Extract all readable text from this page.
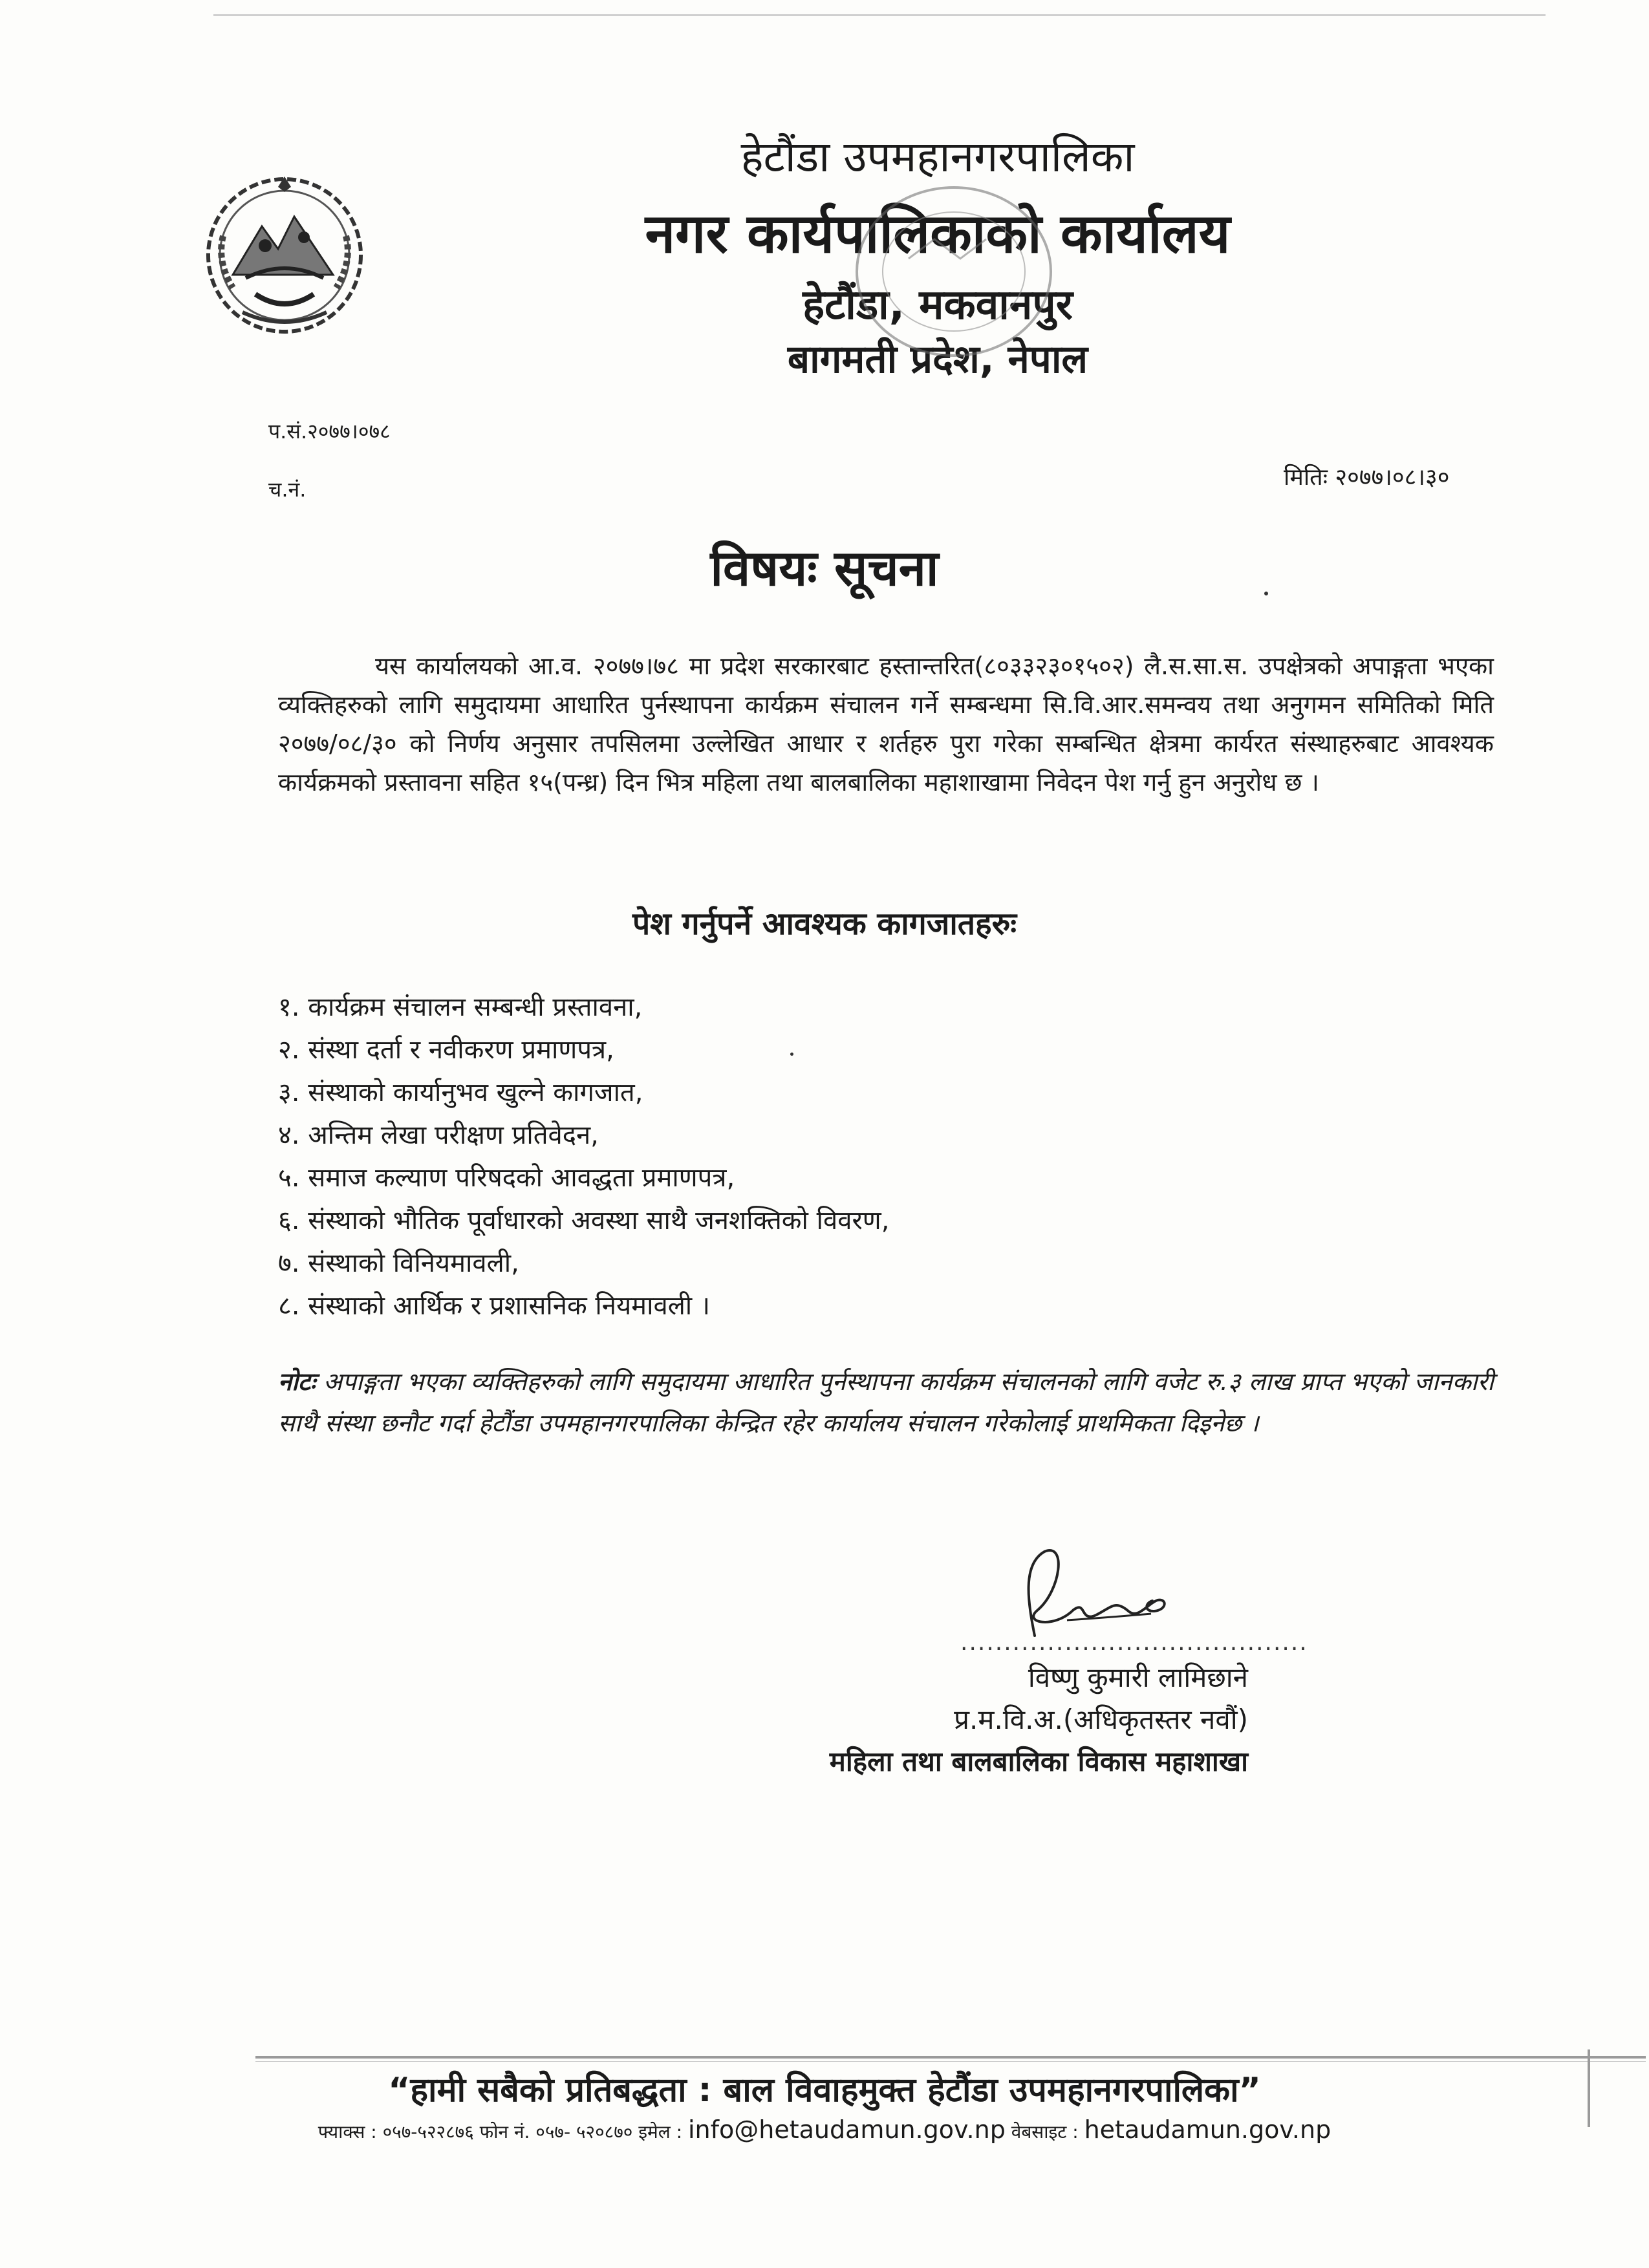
हेटौंडा उपमहानगरपालिका
नगर कार्यपालिकाको कार्यालय
हेटौंडा, मकवानपुर
बागमती प्रदेश, नेपाल
प.सं.२०७७।०७८
च.नं.	मितिः २०७७।०८।३०
विषयः सूचना

यस कार्यालयको आ.व. २०७७।७८ मा प्रदेश सरकारबाट हस्तान्तरित(८०३३२३०१५०२) लै.स.सा.स. उपक्षेत्रको अपाङ्गता भएका व्यक्तिहरुको लागि समुदायमा आधारित पुर्नस्थापना कार्यक्रम संचालन गर्ने सम्बन्धमा सि.वि.आर.समन्वय तथा अनुगमन समितिको मिति २०७७/०८/३० को निर्णय अनुसार तपसिलमा उल्लेखित आधार र शर्तहरु पुरा गरेका सम्बन्धित क्षेत्रमा कार्यरत संस्थाहरुबाट आवश्यक कार्यक्रमको प्रस्तावना सहित १५(पन्ध्र) दिन भित्र महिला तथा बालबालिका महाशाखामा निवेदन पेश गर्नु हुन अनुरोध छ ।

पेश गर्नुपर्ने आवश्यक कागजातहरुः
१. कार्यक्रम संचालन सम्बन्धी प्रस्तावना,
२. संस्था दर्ता र नवीकरण प्रमाणपत्र,
३. संस्थाको कार्यानुभव खुल्ने कागजात,
४. अन्तिम लेखा परीक्षण प्रतिवेदन,
५. समाज कल्याण परिषदको आवद्धता प्रमाणपत्र,
६. संस्थाको भौतिक पूर्वाधारको अवस्था साथै जनशक्तिको विवरण,
७. संस्थाको विनियमावली,
८. संस्थाको आर्थिक र प्रशासनिक नियमावली ।

नोटः अपाङ्गता भएका व्यक्तिहरुको लागि समुदायमा आधारित पुर्नस्थापना कार्यक्रम संचालनको लागि वजेट रु.३ लाख प्राप्त भएको जानकारी साथै संस्था छनौट गर्दा हेटौंडा उपमहानगरपालिका केन्द्रित रहेर कार्यालय संचालन गरेकोलाई प्राथमिकता दिइनेछ ।

........................................
विष्णु कुमारी लामिछाने
प्र.म.वि.अ.(अधिकृतस्तर नवौं)
महिला तथा बालबालिका विकास महाशाखा
“हामी सबैको प्रतिबद्धता : बाल विवाहमुक्त हेटौंडा उपमहानगरपालिका”
फ्याक्स : ०५७-५२२८७६ फोन नं. ०५७- ५२०८७० इमेल : info@hetaudamun.gov.np वेबसाइट : hetaudamun.gov.np
